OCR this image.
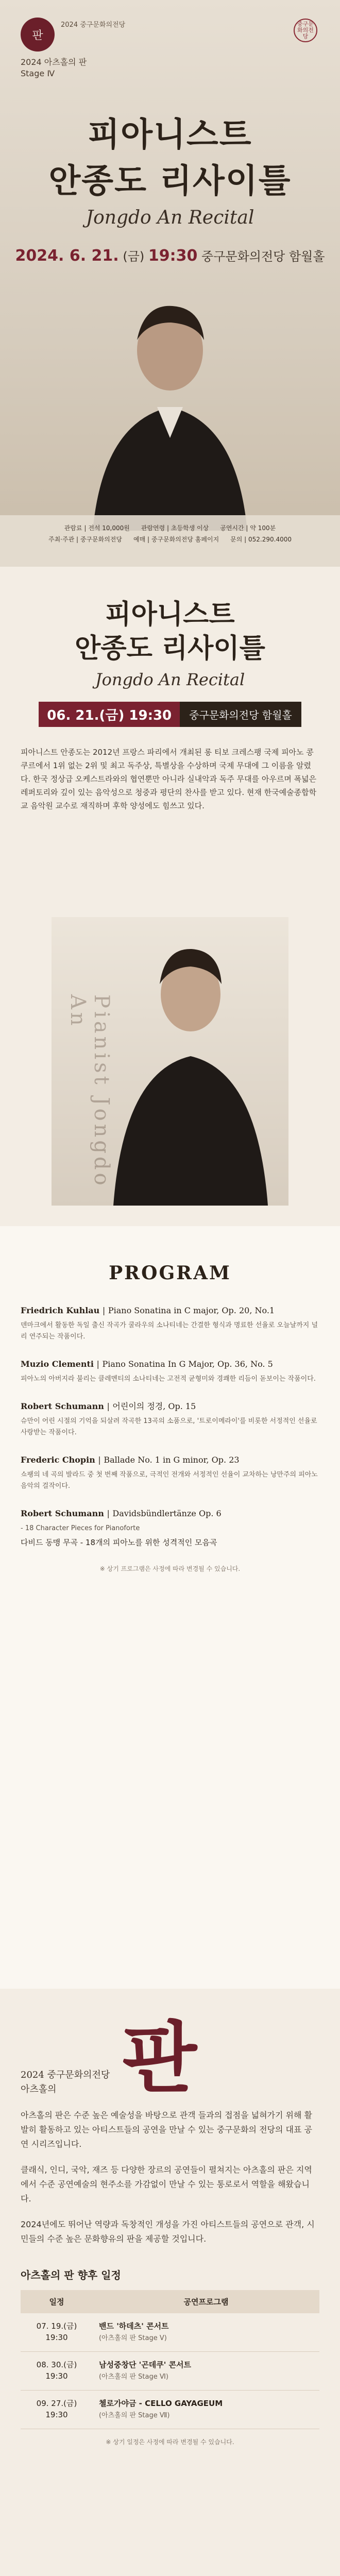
판
2024 중구문화의전당
2024 아츠홀의 판
Stage Ⅳ
중구문화의전당
피아니스트
안종도 리사이틀
Jongdo An Recital
2024. 6. 21. (금) 19:30 중구문화의전당 함월홀
관람료 | 전석 10,000원 관람연령 | 초등학생 이상 공연시간 | 약 100분
주최·주관 | 중구문화의전당 예매 | 중구문화의전당 홈페이지 문의 | 052.290.4000
피아니스트
안종도 리사이틀
Jongdo An Recital
06. 21.(금) 19:30	중구문화의전당 함월홀
피아니스트 안종도는 2012년 프랑스 파리에서 개최된 롱 티보 크레스팽 국제 피아노 콩쿠르에서 1위 없는 2위 및 최고 독주상, 특별상을 수상하며 국제 무대에 그 이름을 알렸다. 한국 정상급 오케스트라와의 협연뿐만 아니라 실내악과 독주 무대를 아우르며 폭넓은 레퍼토리와 깊이 있는 음악성으로 청중과 평단의 찬사를 받고 있다. 현재 한국예술종합학교 음악원 교수로 재직하며 후학 양성에도 힘쓰고 있다.
Pianist Jongdo An
PROGRAM
Friedrich Kuhlau | Piano Sonatina in C major, Op. 20, No.1
덴마크에서 활동한 독일 출신 작곡가 쿨라우의 소나티네는 간결한 형식과 명료한 선율로 오늘날까지 널리 연주되는 작품이다.
Muzio Clementi | Piano Sonatina In G Major, Op. 36, No. 5
피아노의 아버지라 불리는 클레멘티의 소나티네는 고전적 균형미와 경쾌한 리듬이 돋보이는 작품이다.
Robert Schumann | 어린이의 정경, Op. 15
슈만이 어린 시절의 기억을 되살려 작곡한 13곡의 소품으로, '트로이메라이'를 비롯한 서정적인 선율로 사랑받는 작품이다.
Frederic Chopin | Ballade No. 1 in G minor, Op. 23
쇼팽의 네 곡의 발라드 중 첫 번째 작품으로, 극적인 전개와 서정적인 선율이 교차하는 낭만주의 피아노 음악의 걸작이다.
Robert Schumann | Davidsbündlertänze Op. 6
- 18 Character Pieces for Pianoforte
다비드 동맹 무곡 - 18개의 피아노를 위한 성격적인 모음곡
※ 상기 프로그램은 사정에 따라 변경될 수 있습니다.
2024 중구문화의전당
아츠홀의 판

아츠홀의 판은 수준 높은 예술성을 바탕으로 관객 들과의 접점을 넓혀가기 위해 활발히 활동하고 있는 아티스트들의 공연을 만날 수 있는 중구문화의 전당의 대표 공연 시리즈입니다.

클래식, 인디, 국악, 재즈 등 다양한 장르의 공연들이 펼쳐지는 아츠홀의 판은 지역에서 수준 공연예술의 현주소를 가감없이 만날 수 있는 통로로서 역할을 해왔습니다.

2024년에도 뛰어난 역량과 독창적인 개성을 가진 아티스트들의 공연으로 관객, 시민들의 수준 높은 문화향유의 판을 제공할 것입니다.

아츠홀의 판 향후 일정
일정	공연프로그램
07. 19.(금) 19:30	밴드 '하데츠' 콘서트
(아츠홀의 판 Stage Ⅴ)
08. 30.(금) 19:30	남성중창단 '곤데쿠' 콘서트
(아츠홀의 판 Stage Ⅵ)
09. 27.(금) 19:30	첼로가야금 - CELLO GAYAGEUM
(아츠홀의 판 Stage Ⅶ)
※ 상기 일정은 사정에 따라 변경될 수 있습니다.
